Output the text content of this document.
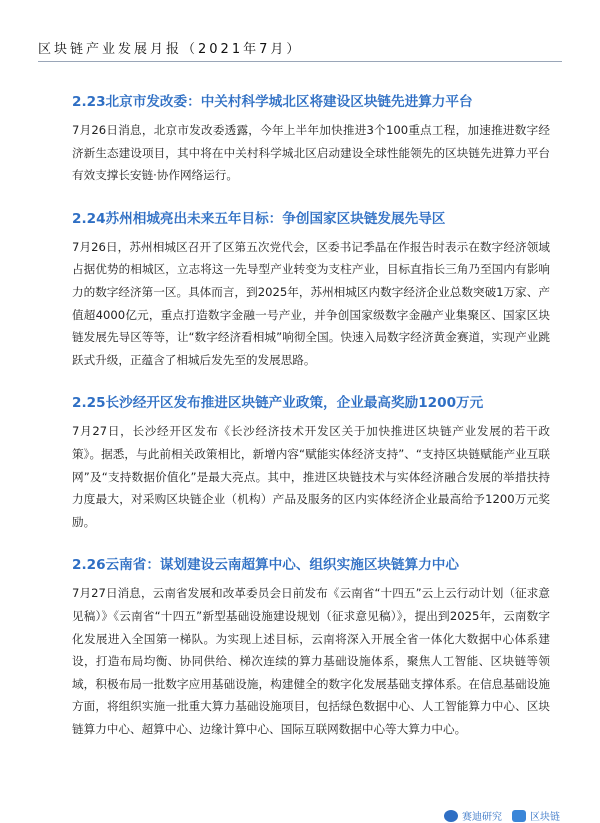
区块链产业发展月报（2021年7月）
2.23北京市发改委：中关村科学城北区将建设区块链先进算力平台
7月26日消息，北京市发改委透露，今年上半年加快推进3个100重点工程，加速推进数字经济新生态建设项目，其中将在中关村科学城北区启动建设全球性能领先的区块链先进算力平台有效支撑长安链·协作网络运行。
2.24苏州相城亮出未来五年目标：争创国家区块链发展先导区
7月26日，苏州相城区召开了区第五次党代会，区委书记季晶在作报告时表示在数字经济领域占据优势的相城区，立志将这一先导型产业转变为支柱产业，目标直指长三角乃至国内有影响力的数字经济第一区。具体而言，到2025年，苏州相城区内数字经济企业总数突破1万家、产值超4000亿元，重点打造数字金融一号产业，并争创国家级数字金融产业集聚区、国家区块链发展先导区等等，让“数字经济看相城”响彻全国。快速入局数字经济黄金赛道，实现产业跳跃式升级，正蕴含了相城后发先至的发展思路。
2.25长沙经开区发布推进区块链产业政策，企业最高奖励1200万元
7月27日，长沙经开区发布《长沙经济技术开发区关于加快推进区块链产业发展的若干政策》。据悉，与此前相关政策相比，新增内容“赋能实体经济支持”、“支持区块链赋能产业互联网”及“支持数据价值化”是最大亮点。其中，推进区块链技术与实体经济融合发展的举措扶持力度最大，对采购区块链企业（机构）产品及服务的区内实体经济企业最高给予1200万元奖励。
2.26云南省：谋划建设云南超算中心、组织实施区块链算力中心
7月27日消息，云南省发展和改革委员会日前发布《云南省“十四五”云上云行动计划（征求意见稿）》《云南省“十四五”新型基础设施建设规划（征求意见稿）》，提出到2025年，云南数字化发展进入全国第一梯队。为实现上述目标，云南将深入开展全省一体化大数据中心体系建设，打造布局均衡、协同供给、梯次连续的算力基础设施体系，聚焦人工智能、区块链等领域，积极布局一批数字应用基础设施，构建健全的数字化发展基础支撑体系。在信息基础设施方面，将组织实施一批重大算力基础设施项目，包括绿色数据中心、人工智能算力中心、区块链算力中心、超算中心、边缘计算中心、国际互联网数据中心等大算力中心。
赛迪研究	区块链
